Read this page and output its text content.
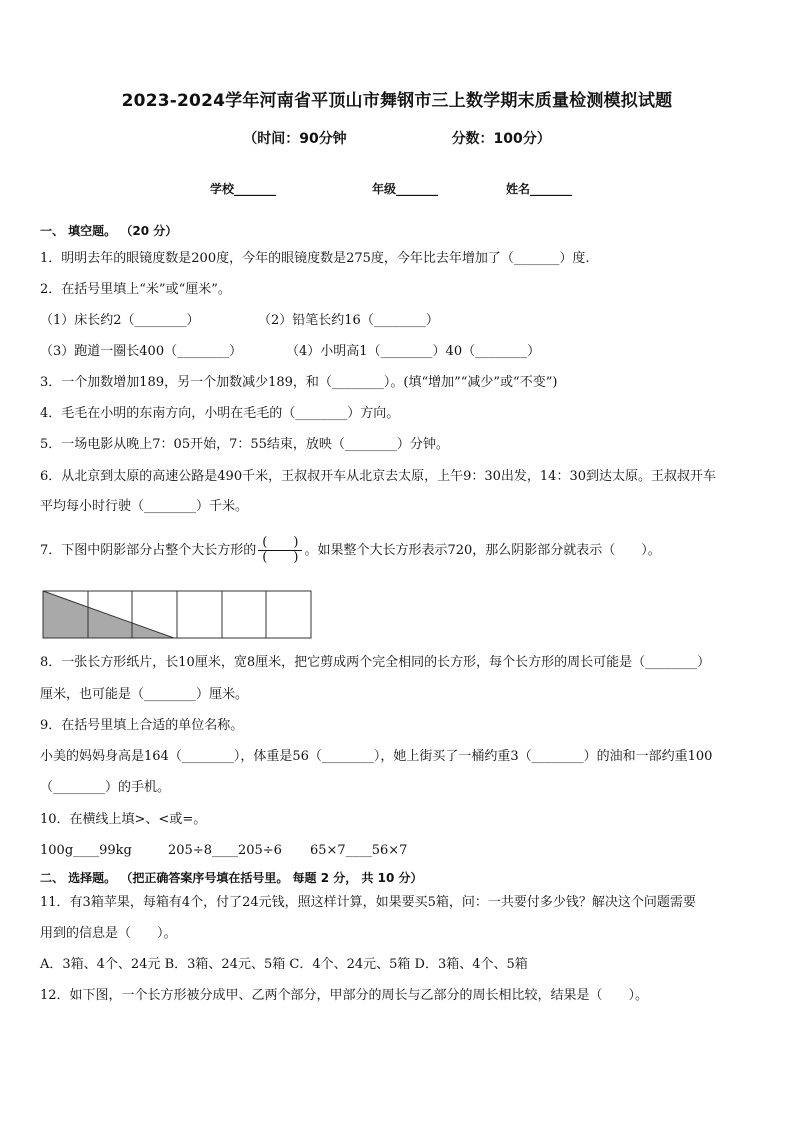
2023-2024学年河南省平顶山市舞钢市三上数学期末质量检测模拟试题
（时间：90分钟	分数：100分）
学校_______	年级_______	姓名_______
一、 填空题。 （20 分）
1．明明去年的眼镜度数是200度，今年的眼镜度数是275度，今年比去年增加了（_______）度.
2．在括号里填上“米”或“厘米”。
（1）床长约2（________）	（2）铅笔长约16（________）
（3）跑道一圈长400（________）	（4）小明高1（________）40（________）
3．一个加数增加189，另一个加数减少189，和（________）。(填“增加”“减少”或“不变”)
4．毛毛在小明的东南方向，小明在毛毛的（________）方向。
5．一场电影从晚上7：05开始，7：55结束，放映（________）分钟。
6．从北京到太原的高速公路是490千米，王叔叔开车从北京去太原，上午9：30出发，14：30到达太原。王叔叔开车
平均每小时行驶（________）千米。
7．下图中阴影部分占整个大长方形的 $\frac{( )}{( )}$ 。如果整个大长方形表示720，那么阴影部分就表示（　　）。
8．一张长方形纸片，长10厘米，宽8厘米，把它剪成两个完全相同的长方形，每个长方形的周长可能是（________）
厘米，也可能是（________）厘米。
9．在括号里填上合适的单位名称。
小美的妈妈身高是164（________），体重是56（________），她上街买了一桶约重3（________）的油和一部约重100
（________）的手机。
10．在横线上填>、<或=。
100g____99kg	205÷8____205÷6 65×7____56×7
二、 选择题。 （把正确答案序号填在括号里。 每题 2 分， 共 10 分）
11．有3箱苹果，每箱有4个，付了24元钱，照这样计算，如果要买5箱，问：一共要付多少钱？解决这个问题需要
用到的信息是（　　）。
A．3箱、4个、24元 B．3箱、24元、5箱 C．4个、24元、5箱 D．3箱、4个、5箱
12．如下图，一个长方形被分成甲、乙两个部分，甲部分的周长与乙部分的周长相比较，结果是（　　）。
